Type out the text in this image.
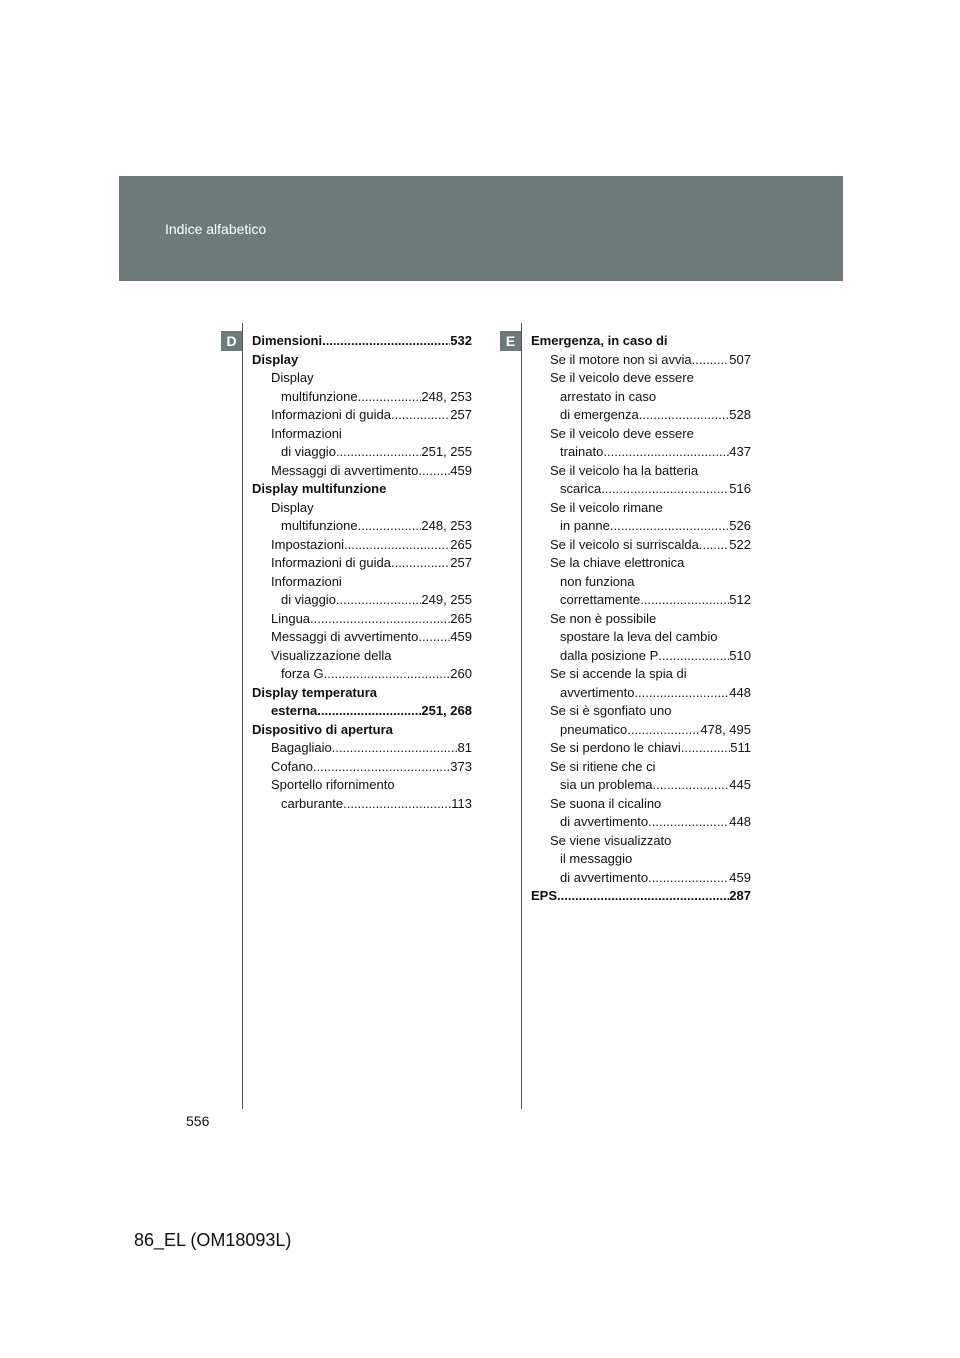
Indice alfabetico
D	E
Dimensioni .....	532
Display
Display
multifunzione .....	248, 253
Informazioni di guida .....	257
Informazioni
di viaggio .....	251, 255
Messaggi di avvertimento ..... 459
Display multifunzione
Display
multifunzione .....	248, 253
Impostazioni .....	265
Informazioni di guida .....	257
Informazioni
di viaggio .....	249, 255
Lingua .....	265
Messaggi di avvertimento ..... 459
Visualizzazione della
forza G .....	260
Display temperatura
esterna .....	251, 268
Dispositivo di apertura
Bagagliaio .....	81
Cofano .....	373
Sportello rifornimento
carburante .....	113
Emergenza, in caso di
Se il motore non si avvia .....	507
Se il veicolo deve essere
arrestato in caso
di emergenza .....	528
Se il veicolo deve essere
trainato .....	437
Se il veicolo ha la batteria
scarica .....	516
Se il veicolo rimane
in panne .....	526
Se il veicolo si surriscalda ..... 522
Se la chiave elettronica
non funziona
correttamente .....	512
Se non è possibile
spostare la leva del cambio
dalla posizione P .....	510
Se si accende la spia di
avvertimento .....	448
Se si è sgonfiato uno
pneumatico .....	478, 495
Se si perdono le chiavi .....	511
Se si ritiene che ci
sia un problema .....	445
Se suona il cicalino
di avvertimento .....	448
Se viene visualizzato
il messaggio
di avvertimento .....	459
EPS .....	287
556
86_EL (OM18093L)
